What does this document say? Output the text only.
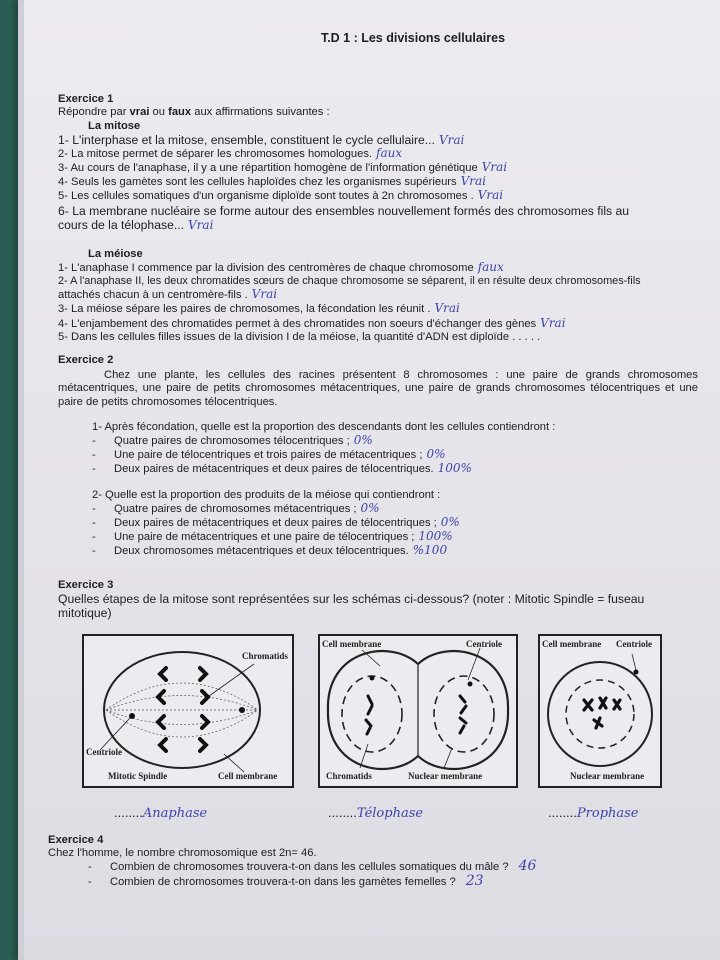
T.D 1 : Les divisions cellulaires
Exercice 1
Répondre par vrai ou faux aux affirmations suivantes :
La mitose
1- L'interphase et la mitose, ensemble, constituent le cycle cellulaire... Vrai
2- La mitose permet de séparer les chromosomes homologues. faux
3- Au cours de l'anaphase, il y a une répartition homogène de l'information génétique Vrai
4- Seuls les gamètes sont les cellules haploïdes chez les organismes supérieurs Vrai
5- Les cellules somatiques d'un organisme diploïde sont toutes à 2n chromosomes . Vrai
6- La membrane nucléaire se forme autour des ensembles nouvellement formés des chromosomes fils au
cours de la télophase... Vrai
La méiose
1- L'anaphase I commence par la division des centromères de chaque chromosome faux
2- A l'anaphase II, les deux chromatides sœurs de chaque chromosome se séparent, il en résulte deux chromosomes-fils
attachés chacun à un centromère-fils . Vrai
3- La méiose sépare les paires de chromosomes, la fécondation les réunit . Vrai
4- L'enjambement des chromatides permet à des chromatides non soeurs d'échanger des gènes Vrai
5- Dans les cellules filles issues de la division I de la méiose, la quantité d'ADN est diploïde . . . . .
Exercice 2
Chez une plante, les cellules des racines présentent 8 chromosomes : une paire de grands chromosomes métacentriques, une paire de petits chromosomes métacentriques, une paire de grands chromosomes télocentriques et une paire de petits chromosomes télocentriques.
1- Après fécondation, quelle est la proportion des descendants dont les cellules contiendront :
- Quatre paires de chromosomes télocentriques ; 0%
- Une paire de télocentriques et trois paires de métacentriques ; 0%
- Deux paires de métacentriques et deux paires de télocentriques. 100%
2- Quelle est la proportion des produits de la méiose qui contiendront :
- Quatre paires de chromosomes métacentriques ; 0%
- Deux paires de métacentriques et deux paires de télocentriques ; 0%
- Une paire de métacentriques et une paire de télocentriques ; 100%
- Deux chromosomes métacentriques et deux télocentriques. %100
Exercice 3
Quelles étapes de la mitose sont représentées sur les schémas ci-dessous? (noter : Mitotic Spindle = fuseau mitotique)
Chromatids
Centriole
Mitotic Spindle	Cell membrane
Cell membrane	Centriole
Chromatids	Nuclear membrane
Cell membrane Centriole
Nuclear membrane
........Anaphase	........Télophase	........Prophase
Exercice 4
Chez l'homme, le nombre chromosomique est 2n= 46.
- Combien de chromosomes trouvera-t-on dans les cellules somatiques du mâle ? 46
- Combien de chromosomes trouvera-t-on dans les gamètes femelles ? 23
